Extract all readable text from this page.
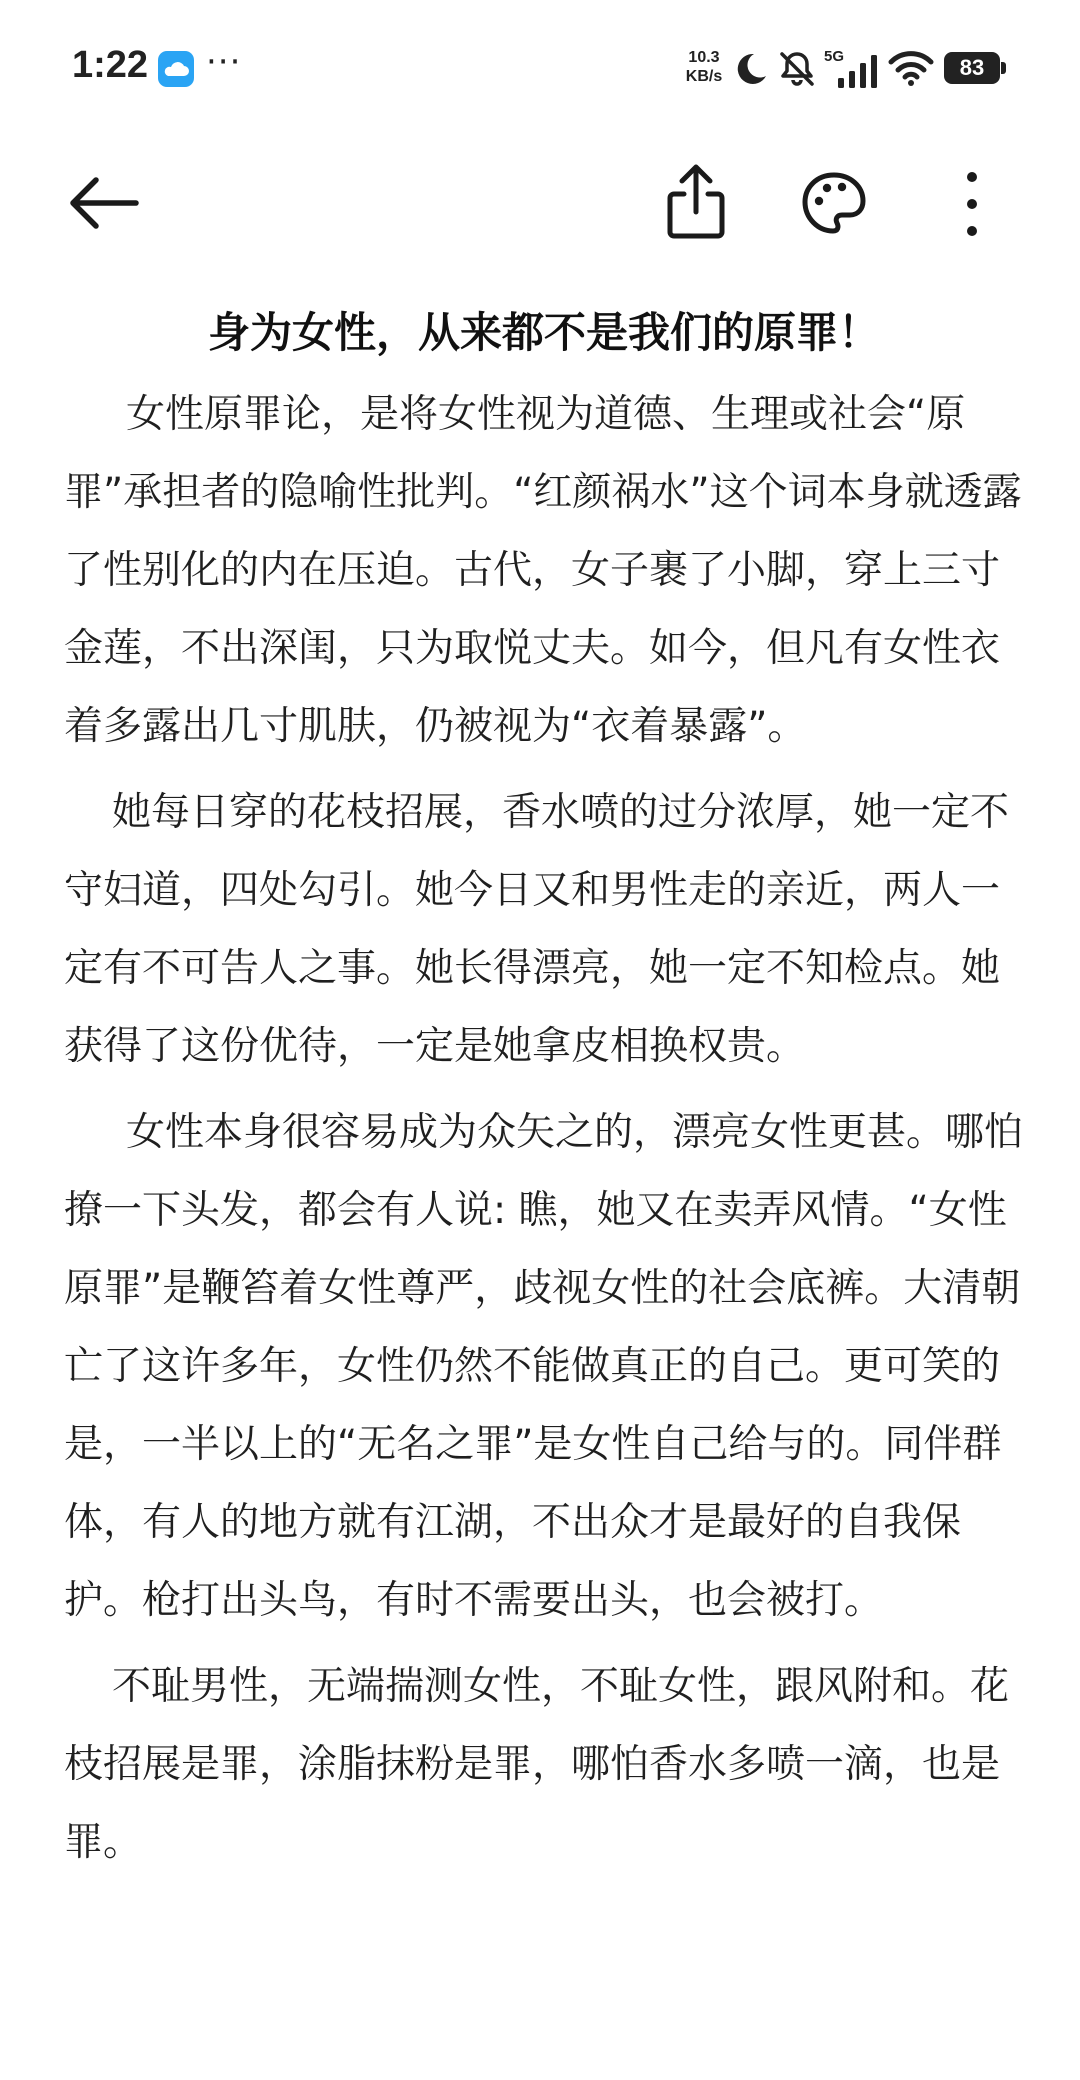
1:22 ···	10.3
KB/s
5G	83
身为女性，从来都不是我们的原罪！

女性原罪论，是将女性视为道德、生理或社会“原罪”承担者的隐喻性批判。“红颜祸水”这个词本身就透露了性别化的内在压迫。古代，女子裹了小脚，穿上三寸金莲，不出深闺，只为取悦丈夫。如今，但凡有女性衣着多露出几寸肌肤，仍被视为“衣着暴露”。

她每日穿的花枝招展，香水喷的过分浓厚，她一定不守妇道，四处勾引。她今日又和男性走的亲近，两人一定有不可告人之事。她长得漂亮，她一定不知检点。她获得了这份优待，一定是她拿皮相换权贵。

女性本身很容易成为众矢之的，漂亮女性更甚。哪怕撩一下头发，都会有人说: 瞧，她又在卖弄风情。“女性原罪”是鞭笞着女性尊严，歧视女性的社会底裤。大清朝亡了这许多年，女性仍然不能做真正的自己。更可笑的是，一半以上的“无名之罪”是女性自己给与的。同伴群体，有人的地方就有江湖，不出众才是最好的自我保护。枪打出头鸟，有时不需要出头，也会被打。

不耻男性，无端揣测女性，不耻女性，跟风附和。花枝招展是罪，涂脂抹粉是罪，哪怕香水多喷一滴，也是罪。
